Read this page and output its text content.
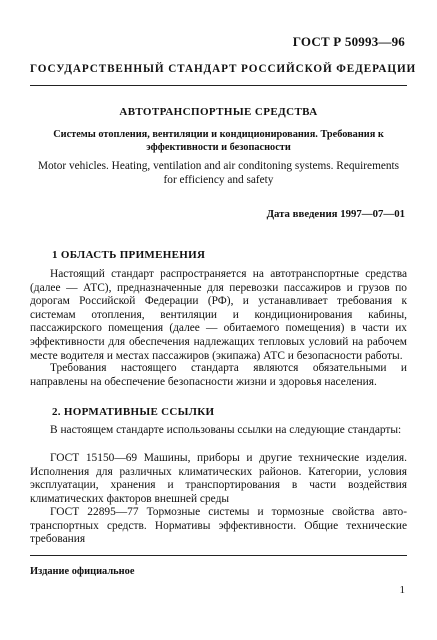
ГОСТ Р 50993—96
ГОСУДАРСТВЕННЫЙ СТАНДАРТ РОССИЙСКОЙ ФЕДЕРАЦИИ
АВТОТРАНСПОРТНЫЕ СРЕДСТВА
Системы отопления, вентиляции и кондиционирования. Требования к эффективности и безопасности
Motor vehicles. Heating, ventilation and air conditoning systems. Requirements for efficiency and safety
Дата введения 1997—07—01
1 ОБЛАСТЬ ПРИМЕНЕНИЯ
Настоящий стандарт распространяется на автотранспортные средства (далее — АТС), предназначенные для перевозки пассажиров и грузов по дорогам Российской Федерации (РФ), и устанавливает требования к системам отопления, вентиляции и кондиционирования кабины, пассажирского помещения (далее — обитаемого помещения) в части их эффективности для обеспечения надлежащих тепловых условий на рабочем месте водителя и местах пассажиров (экипажа) АТС и безопасности работы.
Требования настоящего стандарта являются обязательными и направлены на обеспечение безопасности жизни и здоровья населения.
2. НОРМАТИВНЫЕ ССЫЛКИ
В настоящем стандарте использованы ссылки на следующие стандарты:
ГОСТ 15150—69 Машины, приборы и другие технические изделия. Исполнения для различных климатических районов. Категории, условия эксплуатации, хранения и транспортирования в части воздействия климатических факторов внешней среды
ГОСТ 22895—77 Тормозные системы и тормозные свойства автотранспортных средств. Нормативы эффективности. Общие технические требования
Издание официальное
1
